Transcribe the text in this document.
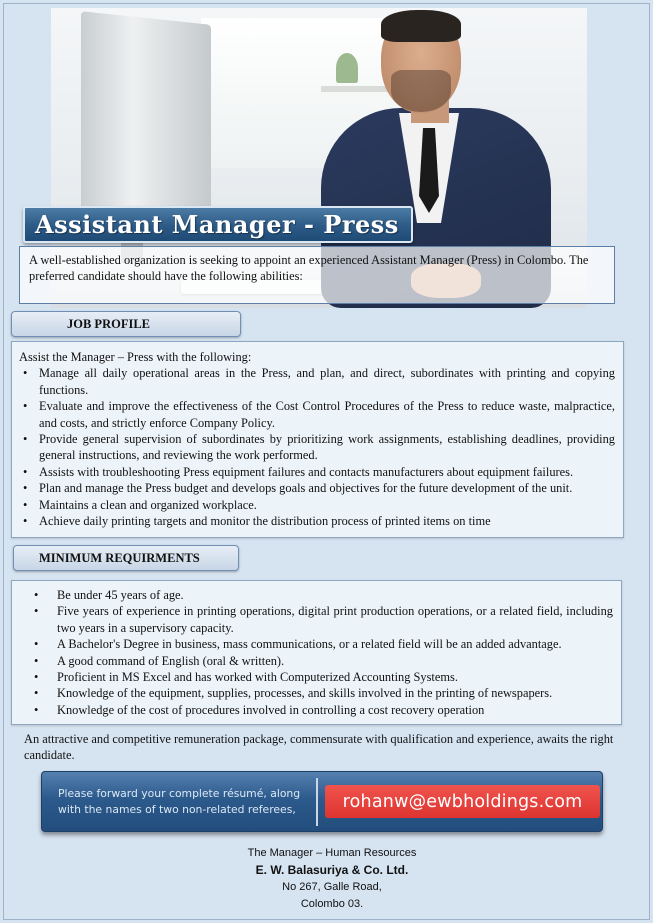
Assistant Manager - Press
A well-established organization is seeking to appoint an experienced Assistant Manager (Press) in Colombo. The preferred candidate should have the following abilities:
JOB PROFILE
Assist the Manager – Press with the following:
• Manage all daily operational areas in the Press, and plan, and direct, subordinates with printing and copying functions.
• Evaluate and improve the effectiveness of the Cost Control Procedures of the Press to reduce waste, malpractice, and costs, and strictly enforce Company Policy.
• Provide general supervision of subordinates by prioritizing work assignments, establishing deadlines, providing general instructions, and reviewing the work performed.
• Assists with troubleshooting Press equipment failures and contacts manufacturers about equipment failures.
• Plan and manage the Press budget and develops goals and objectives for the future development of the unit.
• Maintains a clean and organized workplace.
• Achieve daily printing targets and monitor the distribution process of printed items on time
MINIMUM REQUIRMENTS
• Be under 45 years of age.
• Five years of experience in printing operations, digital print production operations, or a related field, including two years in a supervisory capacity.
• A Bachelor's Degree in business, mass communications, or a related field will be an added advantage.
• A good command of English (oral & written).
• Proficient in MS Excel and has worked with Computerized Accounting Systems.
• Knowledge of the equipment, supplies, processes, and skills involved in the printing of newspapers.
• Knowledge of the cost of procedures involved in controlling a cost recovery operation
An attractive and competitive remuneration package, commensurate with qualification and experience, awaits the right candidate.
Please forward your complete résumé, along
with the names of two non-related referees,	rohanw@ewbholdings.com
The Manager – Human Resources
E. W. Balasuriya & Co. Ltd.
No 267, Galle Road,
Colombo 03.
